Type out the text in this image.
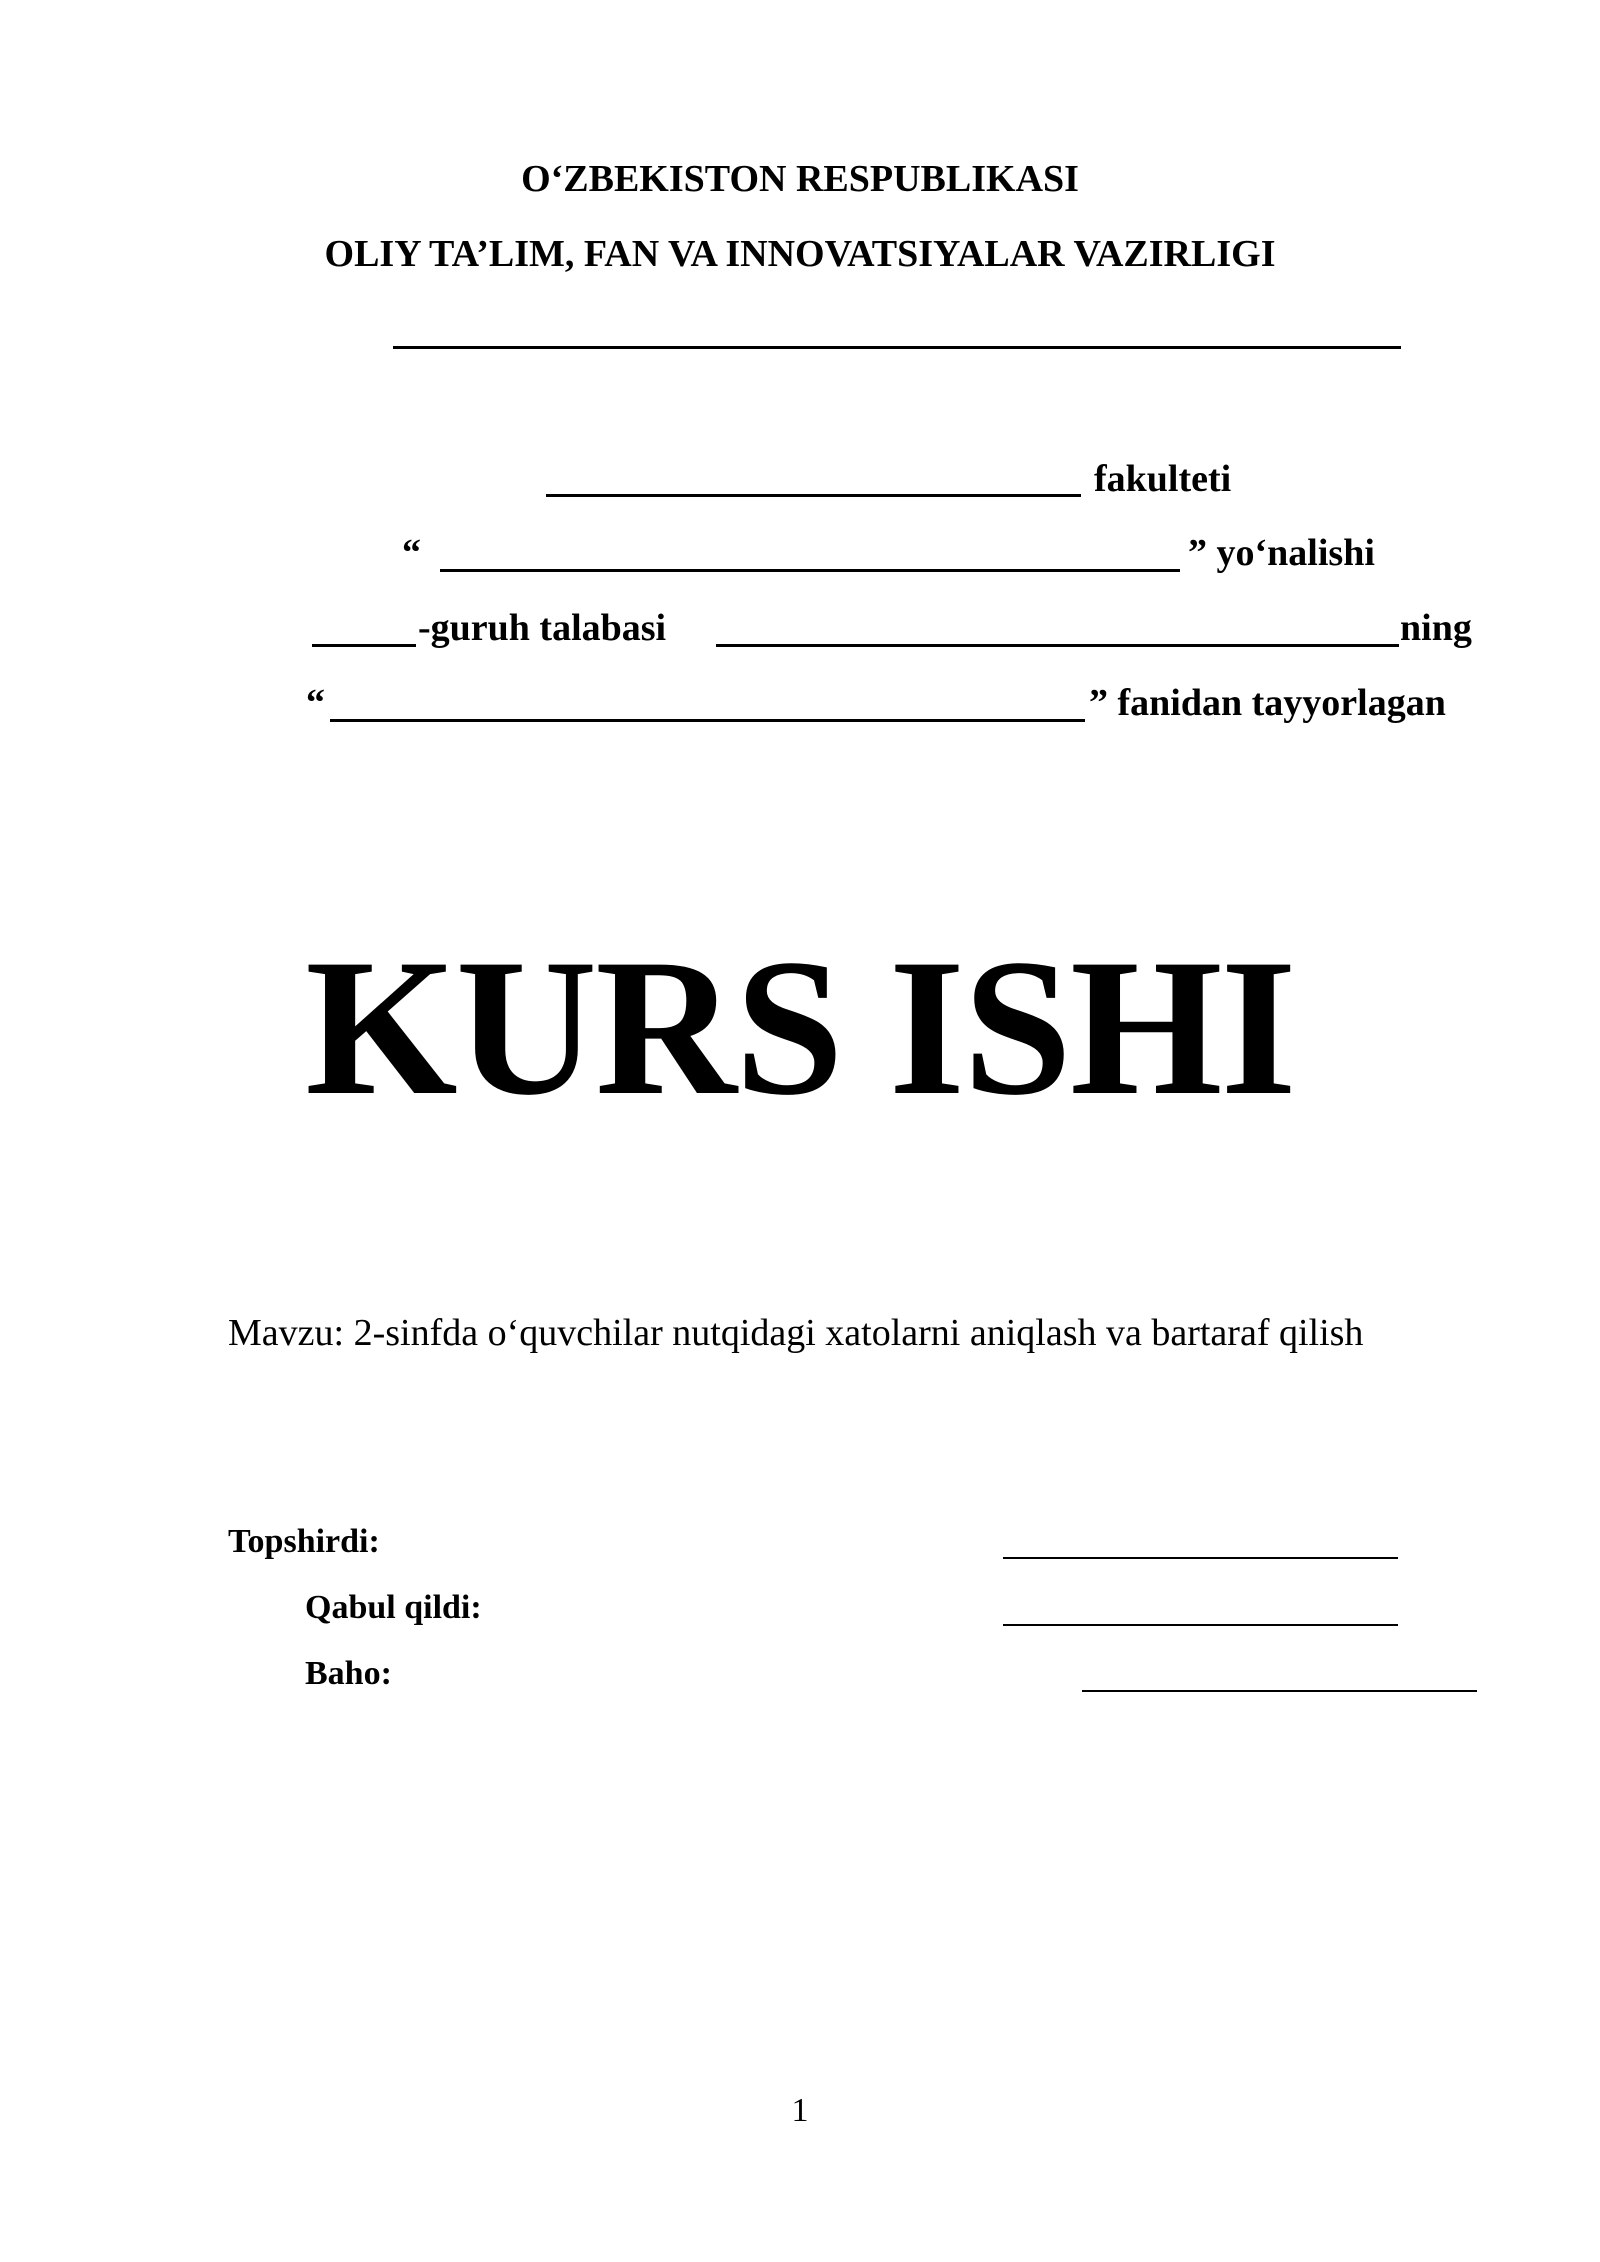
O‘ZBEKISTON RESPUBLIKASI
OLIY TA’LIM, FAN VA INNOVATSIYALAR VAZIRLIGI
fakulteti
“	” yo‘nalishi
-guruh talabasi	ning
“	” fanidan tayyorlagan
KURS ISHI
Mavzu: 2-sinfda o‘quvchilar nutqidagi xatolarni aniqlash va bartaraf qilish
Topshirdi:
Qabul qildi:
Baho:
1
